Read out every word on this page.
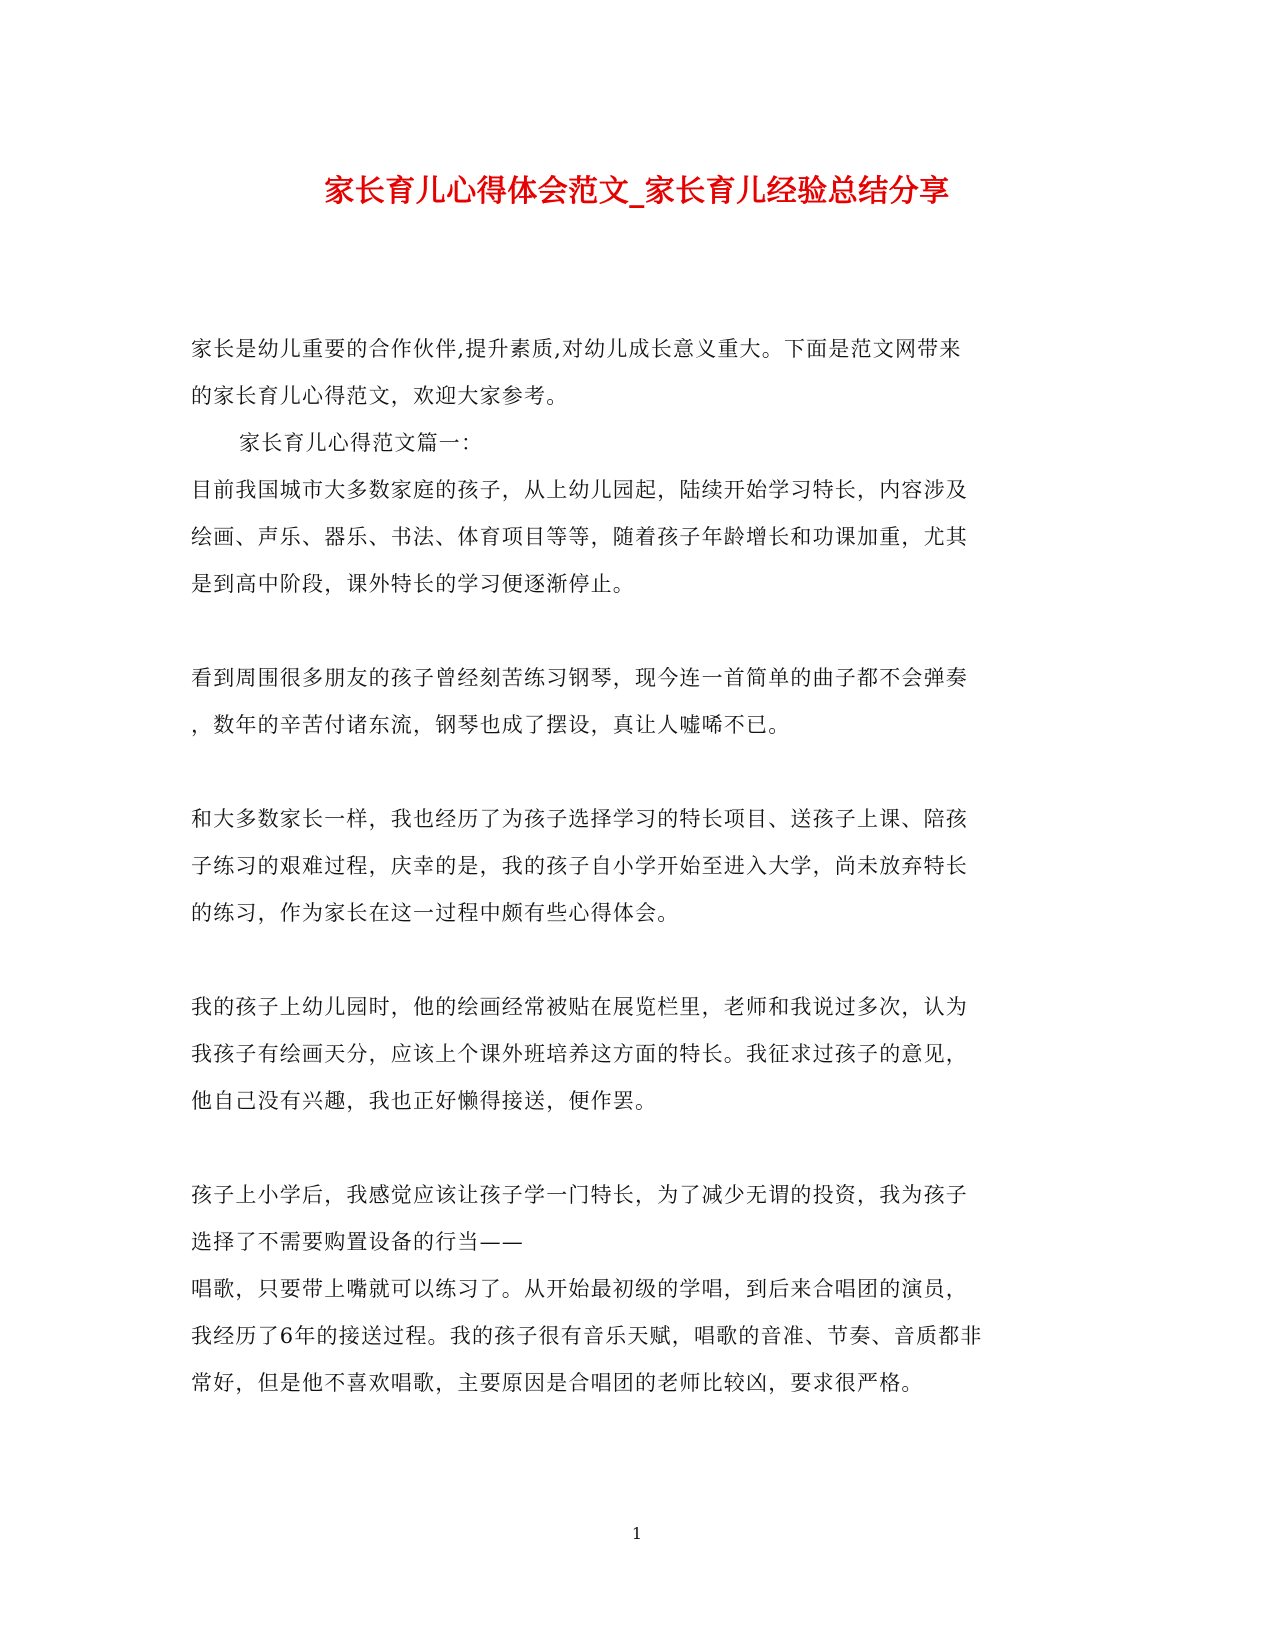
家长育儿心得体会范文_家长育儿经验总结分享

家长是幼儿重要的合作伙伴,提升素质,对幼儿成长意义重大。下面是范文网带来

的家长育儿心得范文，欢迎大家参考。

家长育儿心得范文篇一：

目前我国城市大多数家庭的孩子，从上幼儿园起，陆续开始学习特长，内容涉及

绘画、声乐、器乐、书法、体育项目等等，随着孩子年龄增长和功课加重，尤其

是到高中阶段，课外特长的学习便逐渐停止。

看到周围很多朋友的孩子曾经刻苦练习钢琴，现今连一首简单的曲子都不会弹奏

，数年的辛苦付诸东流，钢琴也成了摆设，真让人嘘唏不已。

和大多数家长一样，我也经历了为孩子选择学习的特长项目、送孩子上课、陪孩

子练习的艰难过程，庆幸的是，我的孩子自小学开始至进入大学，尚未放弃特长

的练习，作为家长在这一过程中颇有些心得体会。

我的孩子上幼儿园时，他的绘画经常被贴在展览栏里，老师和我说过多次，认为

我孩子有绘画天分，应该上个课外班培养这方面的特长。我征求过孩子的意见，

他自己没有兴趣，我也正好懒得接送，便作罢。

孩子上小学后，我感觉应该让孩子学一门特长，为了减少无谓的投资，我为孩子

选择了不需要购置设备的行当——

唱歌，只要带上嘴就可以练习了。从开始最初级的学唱，到后来合唱团的演员，

我经历了6年的接送过程。我的孩子很有音乐天赋，唱歌的音准、节奏、音质都非

常好，但是他不喜欢唱歌，主要原因是合唱团的老师比较凶，要求很严格。

1
